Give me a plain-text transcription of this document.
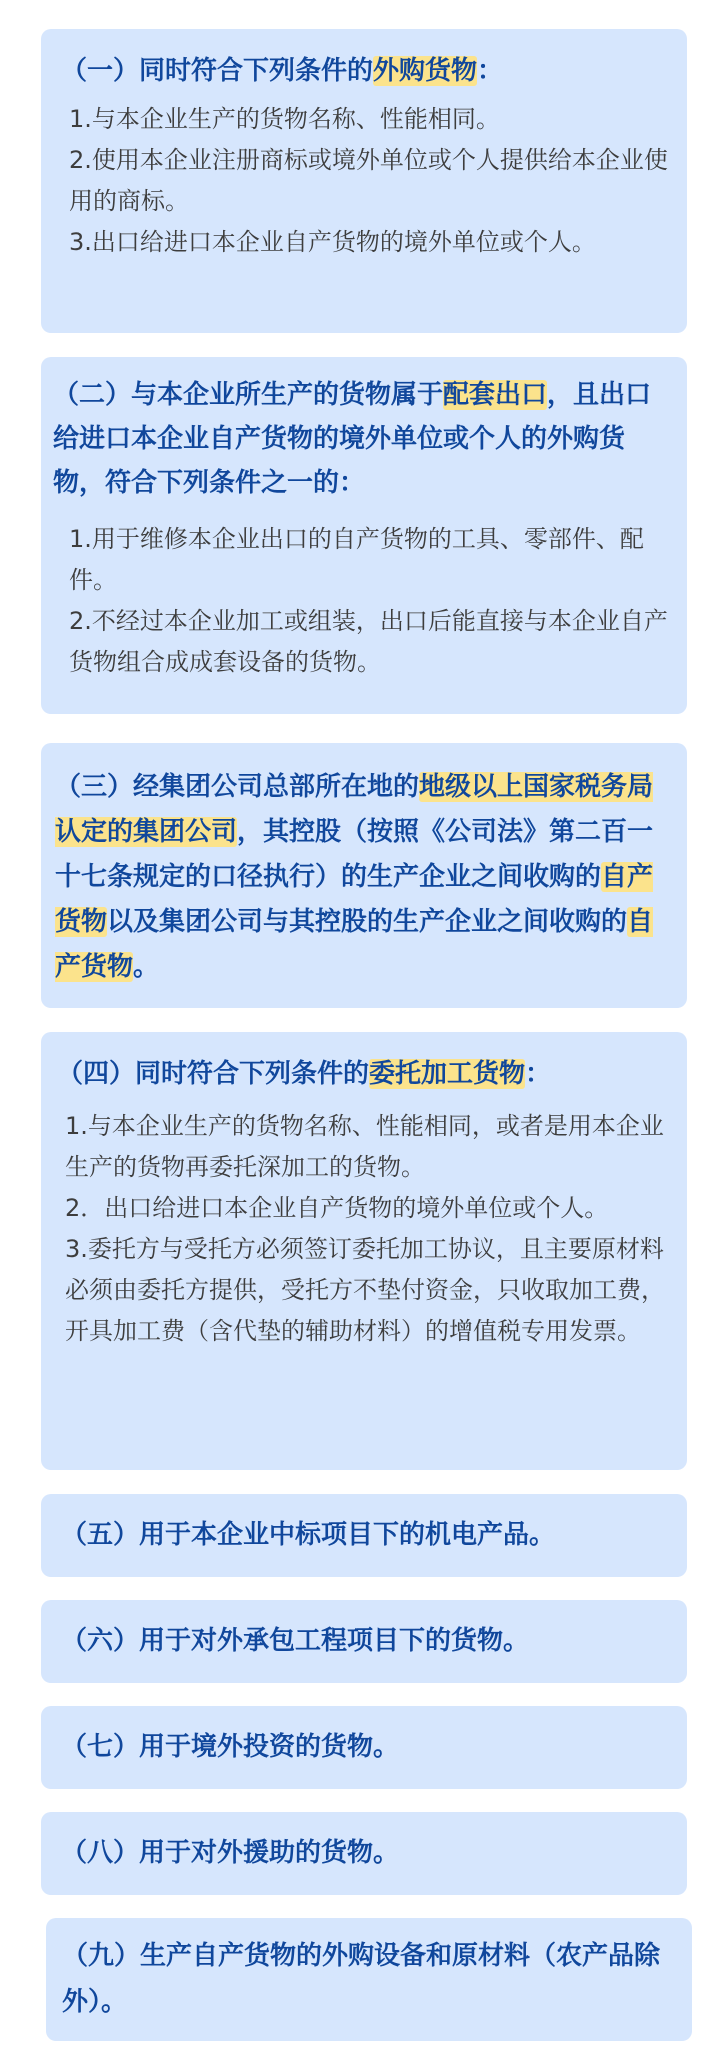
（一）同时符合下列条件的外购货物：

1.与本企业生产的货物名称、性能相同。

2.使用本企业注册商标或境外单位或个人提供给本企业使用的商标。

3.出口给进口本企业自产货物的境外单位或个人。

（二）与本企业所生产的货物属于配套出口，且出口给进口本企业自产货物的境外单位或个人的外购货物，符合下列条件之一的：

1.用于维修本企业出口的自产货物的工具、零部件、配件。

2.不经过本企业加工或组装，出口后能直接与本企业自产货物组合成成套设备的货物。

（三）经集团公司总部所在地的地级以上国家税务局认定的集团公司，其控股（按照《公司法》第二百一十七条规定的口径执行）的生产企业之间收购的自产货物以及集团公司与其控股的生产企业之间收购的自产货物。

（四）同时符合下列条件的委托加工货物：

1.与本企业生产的货物名称、性能相同，或者是用本企业生产的货物再委托深加工的货物。

2．出口给进口本企业自产货物的境外单位或个人。

3.委托方与受托方必须签订委托加工协议，且主要原材料必须由委托方提供，受托方不垫付资金，只收取加工费，开具加工费（含代垫的辅助材料）的增值税专用发票。

（五）用于本企业中标项目下的机电产品。

（六）用于对外承包工程项目下的货物。

（七）用于境外投资的货物。

（八）用于对外援助的货物。

（九）生产自产货物的外购设备和原材料（农产品除外）。
